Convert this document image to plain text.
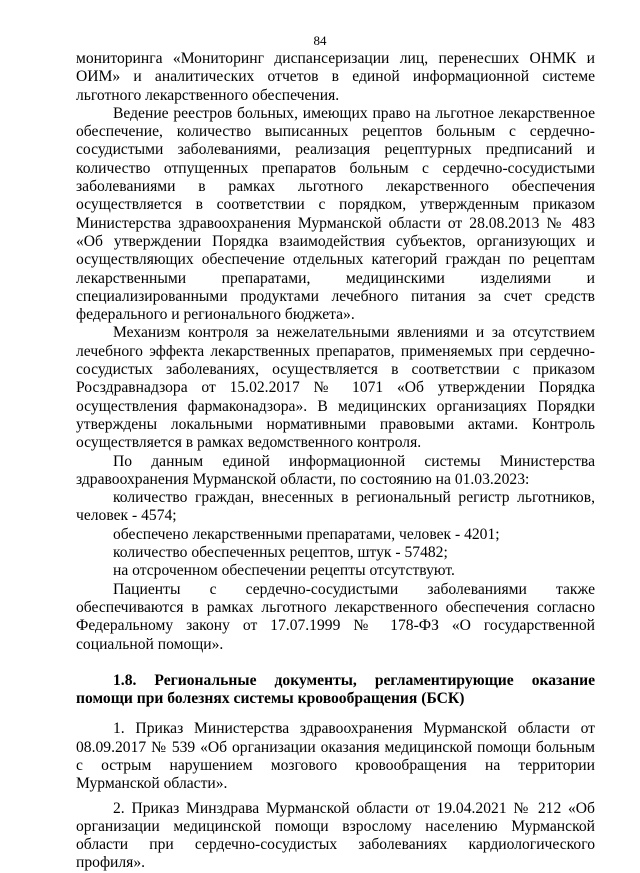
84

мониторинга «Мониторинг диспансеризации лиц, перенесших ОНМК и ОИМ» и аналитических отчетов в единой информационной системе льготного лекарственного обеспечения.

Ведение реестров больных, имеющих право на льготное лекарственное обеспечение, количество выписанных рецептов больным с сердечно-сосудистыми заболеваниями, реализация рецептурных предписаний и количество отпущенных препаратов больным с сердечно-сосудистыми заболеваниями в рамках льготного лекарственного обеспечения осуществляется в соответствии с порядком, утвержденным приказом Министерства здравоохранения Мурманской области от 28.08.2013 № 483 «Об утверждении Порядка взаимодействия субъектов, организующих и осуществляющих обеспечение отдельных категорий граждан по рецептам лекарственными препаратами, медицинскими изделиями и специализированными продуктами лечебного питания за счет средств федерального и регионального бюджета».

Механизм контроля за нежелательными явлениями и за отсутствием лечебного эффекта лекарственных препаратов, применяемых при сердечно-сосудистых заболеваниях, осуществляется в соответствии с приказом Росздравнадзора от 15.02.2017 № 1071 «Об утверждении Порядка осуществления фармаконадзора». В медицинских организациях Порядки утверждены локальными нормативными правовыми актами. Контроль осуществляется в рамках ведомственного контроля.

По данным единой информационной системы Министерства здравоохранения Мурманской области, по состоянию на 01.03.2023:

количество граждан, внесенных в региональный регистр льготников, человек - 4574;

обеспечено лекарственными препаратами, человек - 4201;

количество обеспеченных рецептов, штук - 57482;

на отсроченном обеспечении рецепты отсутствуют.

Пациенты с сердечно-сосудистыми заболеваниями также обеспечиваются в рамках льготного лекарственного обеспечения согласно Федеральному закону от 17.07.1999 № 178-ФЗ «О государственной социальной помощи».

1.8. Региональные документы, регламентирующие оказание помощи при болезнях системы кровообращения (БСК)

1. Приказ Министерства здравоохранения Мурманской области от 08.09.2017 № 539 «Об организации оказания медицинской помощи больным с острым нарушением мозгового кровообращения на территории Мурманской области».

2. Приказ Минздрава Мурманской области от 19.04.2021 № 212 «Об организации медицинской помощи взрослому населению Мурманской области при сердечно-сосудистых заболеваниях кардиологического профиля».
